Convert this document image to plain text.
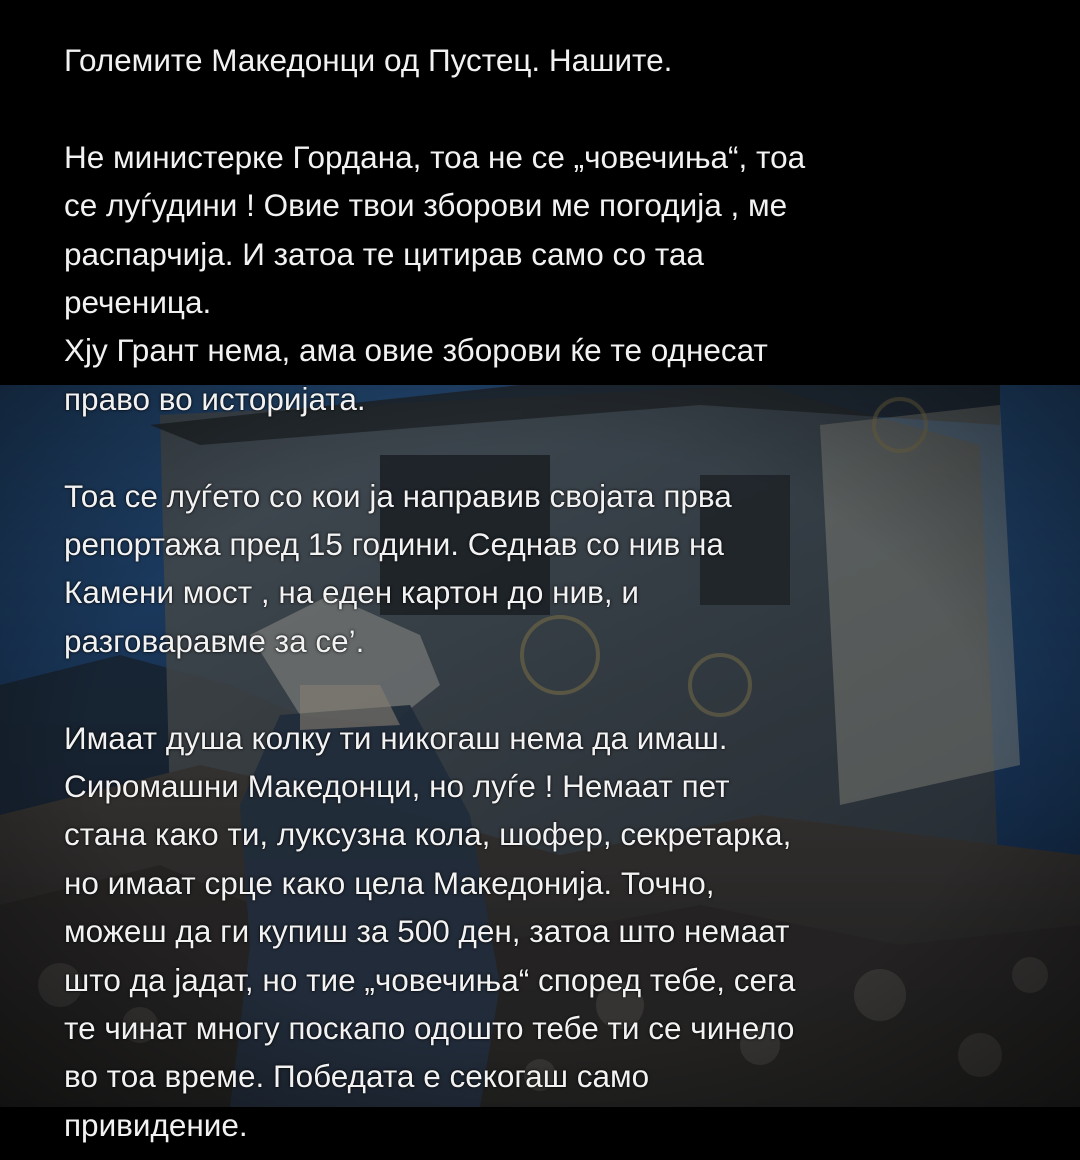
Големите Македонци од Пустец. Нашите.
Не министерке Гордана, тоа не се „човечиња“, тоа
се луѓудини ! Овие твои зборови ме погодија , ме
распарчија. И затоа те цитирав само со таа
реченица.
Хју Грант нема, ама овие зборови ќе те однесат
право во историјата.
Тоа се луѓето со кои ја направив својата прва
репортажа пред 15 години. Седнав со нив на
Камени мост , на еден картон до нив, и
разговаравме за се’.
Имаат душа колку ти никогаш нема да имаш.
Сиромашни Македонци, но луѓе ! Немаат пет
стана како ти, луксузна кола, шофер, секретарка,
но имаат срце како цела Македонија. Точно,
можеш да ги купиш за 500 ден, затоа што немаат
што да јадат, но тие „човечиња“ според тебе, сега
те чинат многу поскапо одошто тебе ти се чинело
во тоа време. Победата е секогаш само
привидение.
